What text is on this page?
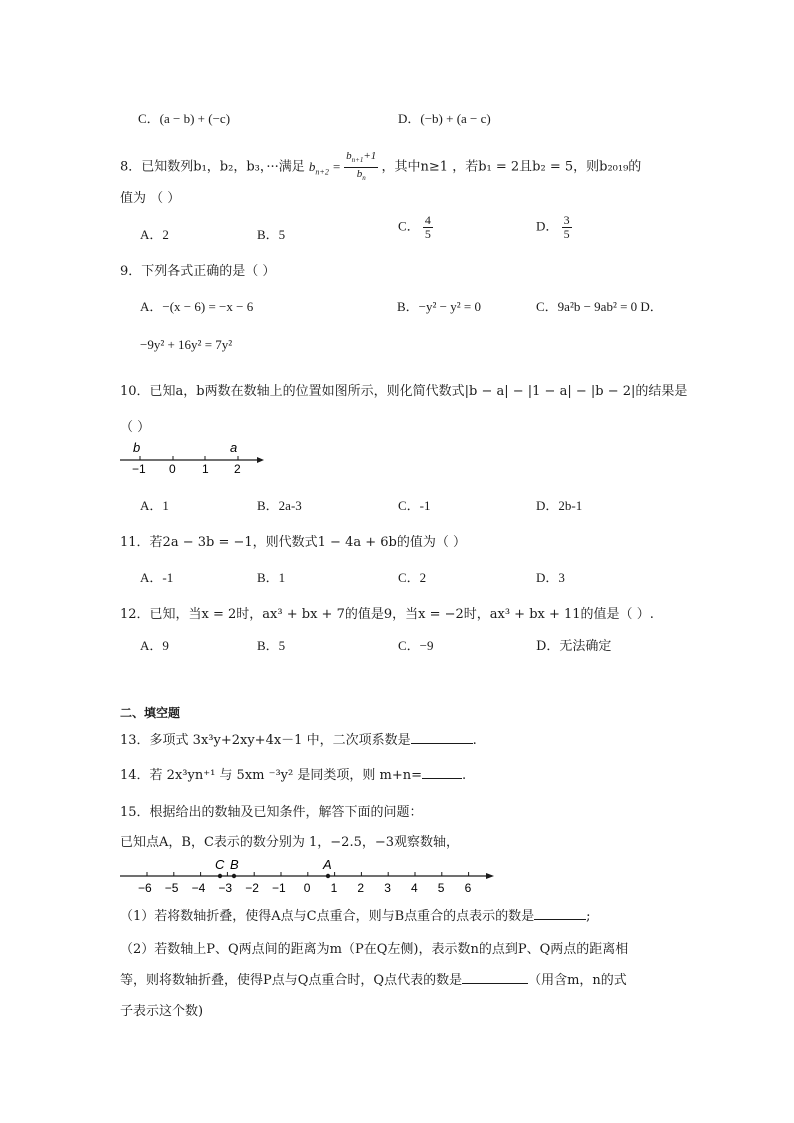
C．(a − b) + (−c)	D．(−b) + (a − c)
8．已知数列b₁，b₂，b₃，···满足 $b_{n+2} = \frac{b_{n+1}+1}{b_n}$ ，其中n≥1 ，若b₁ = 2且b₂ = 5，则b₂₀₁₉的
值为 （ ）
A．2	B．5
C． $\frac{4}{5}$	D． $\frac{3}{5}$
9．下列各式正确的是（ ）
A．−(x − 6) = −x − 6	B．−y² − y² = 0	C．9a²b − 9ab² = 0 D．
−9y² + 16y² = 7y²
10．已知a，b两数在数轴上的位置如图所示，则化简代数式|b − a| − |1 − a| − |b − 2|的结果是
（ ）
b	a
−1 0 1 2
A．1	B．2a-3	C．-1	D．2b-1
11．若2a − 3b = −1，则代数式1 − 4a + 6b的值为（ ）
A．-1	B．1	C．2	D．3
12．已知，当x = 2时，ax³ + bx + 7的值是9，当x = −2时，ax³ + bx + 11的值是（ ）.
A．9	B．5	C．−9	D．无法确定
二、填空题
13．多项式 3x³y+2xy+4x－1 中，二次项系数是	.
14．若 2x³yn⁺¹ 与 5xm ⁻³y² 是同类项，则 m+n=	.
15．根据给出的数轴及已知条件，解答下面的问题：
已知点A，B，C表示的数分别为 1，−2.5，−3观察数轴，
−6 −5 −4 −3 −2 −1 0 1 2 3 4 5 6
C B	A
（1）若将数轴折叠，使得A点与C点重合，则与B点重合的点表示的数是	;
（2）若数轴上P、Q两点间的距离为m（P在Q左侧)，表示数n的点到P、Q两点的距离相
等，则将数轴折叠，使得P点与Q点重合时，Q点代表的数是	（用含m，n的式
子表示这个数)
